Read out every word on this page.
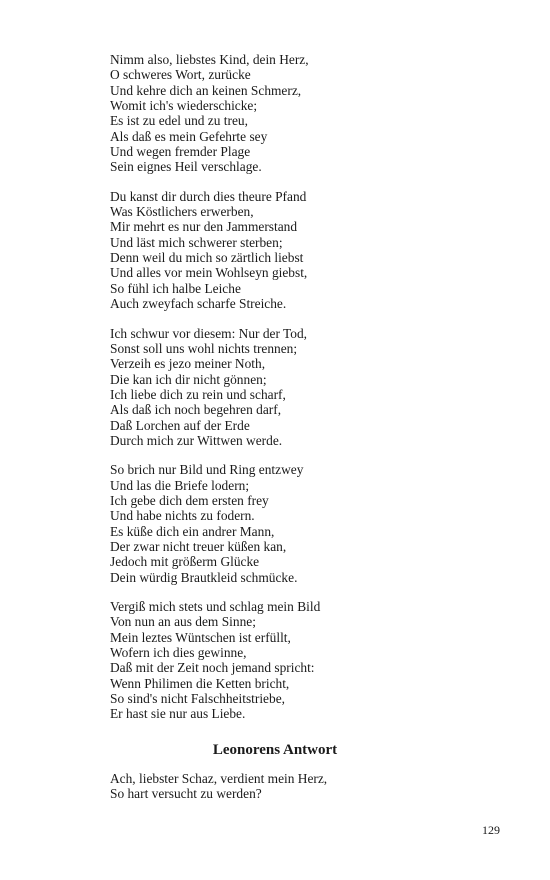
Nimm also, liebstes Kind, dein Herz,
O schweres Wort, zurücke
Und kehre dich an keinen Schmerz,
Womit ich's wiederschicke;
Es ist zu edel und zu treu,
Als daß es mein Gefehrte sey
Und wegen fremder Plage
Sein eignes Heil verschlage.
Du kanst dir durch dies theure Pfand
Was Köstlichers erwerben,
Mir mehrt es nur den Jammerstand
Und läst mich schwerer sterben;
Denn weil du mich so zärtlich liebst
Und alles vor mein Wohlseyn giebst,
So fühl ich halbe Leiche
Auch zweyfach scharfe Streiche.
Ich schwur vor diesem: Nur der Tod,
Sonst soll uns wohl nichts trennen;
Verzeih es jezo meiner Noth,
Die kan ich dir nicht gönnen;
Ich liebe dich zu rein und scharf,
Als daß ich noch begehren darf,
Daß Lorchen auf der Erde
Durch mich zur Wittwen werde.
So brich nur Bild und Ring entzwey
Und las die Briefe lodern;
Ich gebe dich dem ersten frey
Und habe nichts zu fodern.
Es küße dich ein andrer Mann,
Der zwar nicht treuer küßen kan,
Jedoch mit größerm Glücke
Dein würdig Brautkleid schmücke.
Vergiß mich stets und schlag mein Bild
Von nun an aus dem Sinne;
Mein leztes Wüntschen ist erfüllt,
Wofern ich dies gewinne,
Daß mit der Zeit noch jemand spricht:
Wenn Philimen die Ketten bricht,
So sind's nicht Falschheitstriebe,
Er hast sie nur aus Liebe.
Leonorens Antwort
Ach, liebster Schaz, verdient mein Herz,
So hart versucht zu werden?
129
